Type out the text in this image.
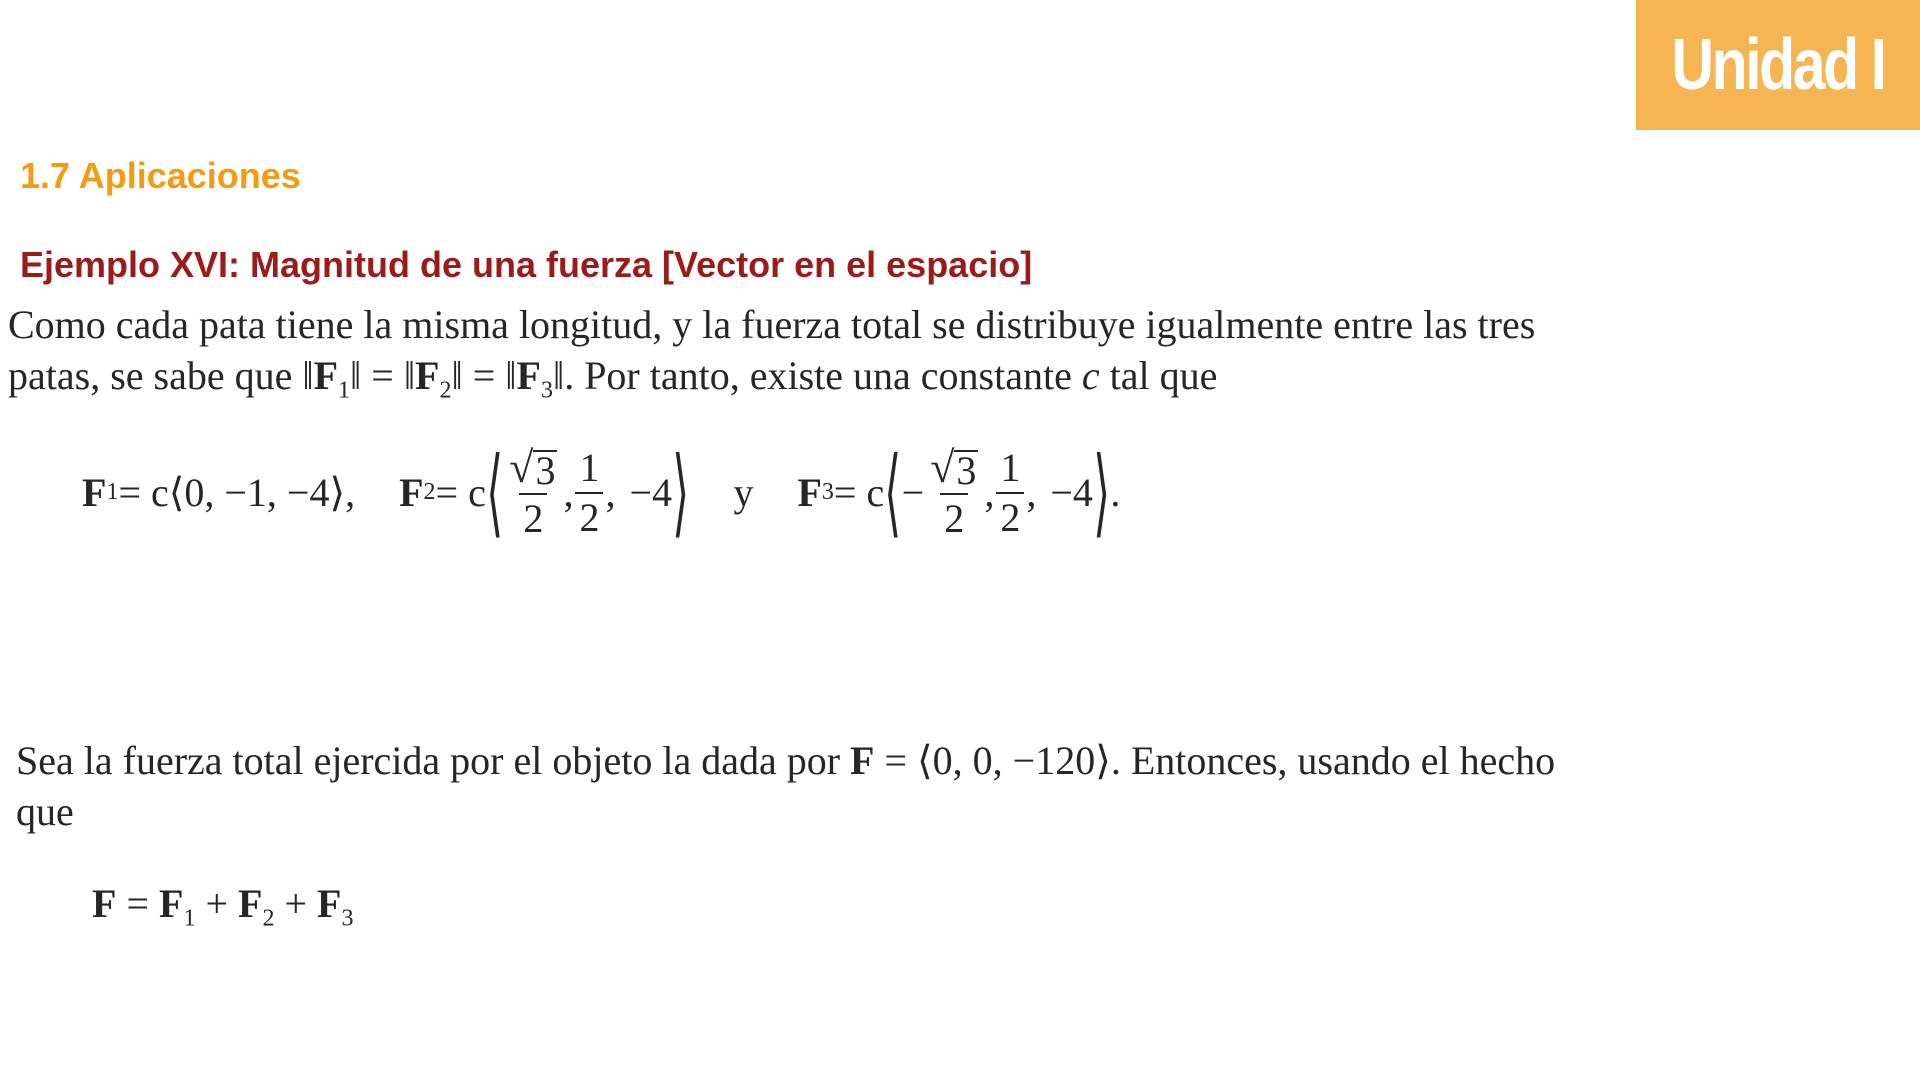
Unidad I
1.7 Aplicaciones
Ejemplo XVI: Magnitud de una fuerza [Vector en el espacio]

Como cada pata tiene la misma longitud, y la fuerza total se distribuye igualmente entre las tres patas, se sabe que $‖F_1‖$ = $‖F_2‖$ = $‖F_3‖$. Por tanto, existe una constante c tal que

F 1 = c⟨0, −1, −4⟩, F 2 = c ⟨ $\frac{√ 3}{2}$ , $\frac{1}{2}$ , −4 ⟩ y F 3 = c ⟨ − $\frac{√ 3}{2}$ , $\frac{1}{2}$ , −4 ⟩ .

Sea la fuerza total ejercida por el objeto la dada por F = ⟨0, 0, −120⟩. Entonces, usando el hecho que

$F = F_1 + F_2 + F_3$
